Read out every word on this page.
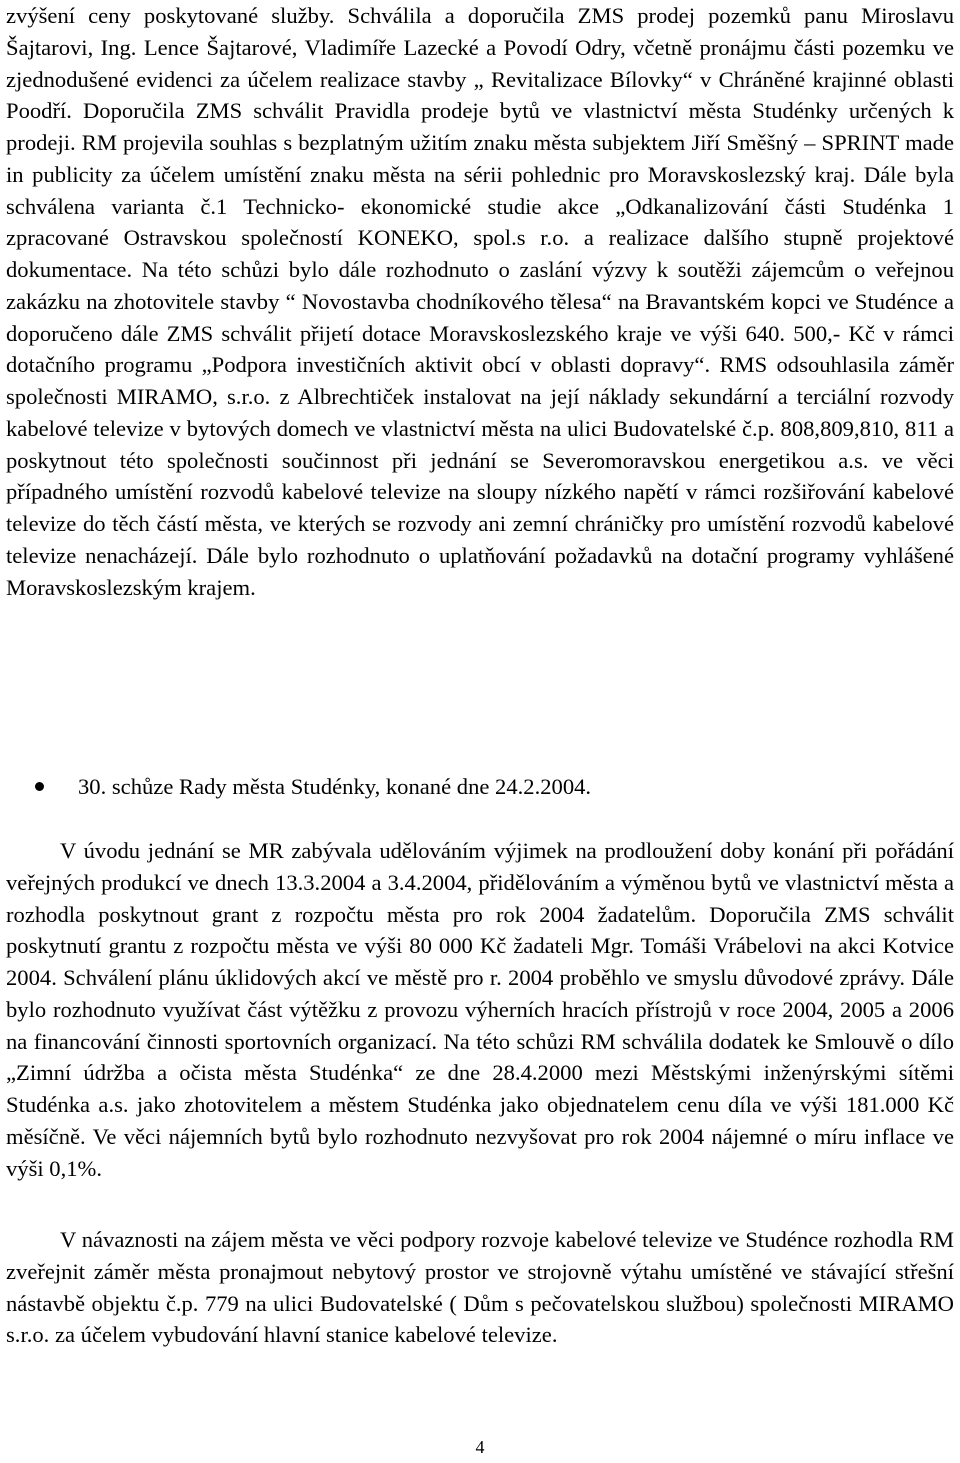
zvýšení ceny poskytované služby. Schválila a doporučila ZMS prodej pozemků panu Miroslavu Šajtarovi, Ing. Lence Šajtarové, Vladimíře Lazecké a Povodí Odry, včetně pronájmu části pozemku ve zjednodušené evidenci za účelem realizace stavby „ Revitalizace Bílovky“ v Chráněné krajinné oblasti Poodří. Doporučila ZMS schválit Pravidla prodeje bytů ve vlastnictví města Studénky určených k prodeji. RM projevila souhlas s bezplatným užitím znaku města subjektem Jiří Směšný – SPRINT made in publicity za účelem umístění znaku města na sérii pohlednic pro Moravskoslezský kraj. Dále byla schválena varianta č.1 Technicko- ekonomické studie akce „Odkanalizování části Studénka 1 zpracované Ostravskou společností KONEKO, spol.s r.o. a realizace dalšího stupně projektové dokumentace. Na této schůzi bylo dále rozhodnuto o zaslání výzvy k soutěži zájemcům o veřejnou zakázku na zhotovitele stavby “ Novostavba chodníkového tělesa“ na Bravantském kopci ve Studénce a doporučeno dále ZMS schválit přijetí dotace Moravskoslezského kraje ve výši 640. 500,- Kč v rámci dotačního programu „Podpora investičních aktivit obcí v oblasti dopravy“. RMS odsouhlasila záměr společnosti MIRAMO, s.r.o. z Albrechtiček instalovat na její náklady sekundární a terciální rozvody kabelové televize v bytových domech ve vlastnictví města na ulici Budovatelské č.p. 808,809,810, 811 a poskytnout této společnosti součinnost při jednání se Severomoravskou energetikou a.s. ve věci případného umístění rozvodů kabelové televize na sloupy nízkého napětí v rámci rozšiřování kabelové televize do těch částí města, ve kterých se rozvody ani zemní chráničky pro umístění rozvodů kabelové televize nenacházejí. Dále bylo rozhodnuto o uplatňování požadavků na dotační programy vyhlášené Moravskoslezským krajem.

30. schůze Rady města Studénky, konané dne 24.2.2004.

V úvodu jednání se MR zabývala udělováním výjimek na prodloužení doby konání při pořádání veřejných produkcí ve dnech 13.3.2004 a 3.4.2004, přidělováním a výměnou bytů ve vlastnictví města a rozhodla poskytnout grant z rozpočtu města pro rok 2004 žadatelům. Doporučila ZMS schválit poskytnutí grantu z rozpočtu města ve výši 80 000 Kč žadateli Mgr. Tomáši Vrábelovi na akci Kotvice 2004. Schválení plánu úklidových akcí ve městě pro r. 2004 proběhlo ve smyslu důvodové zprávy. Dále bylo rozhodnuto využívat část výtěžku z provozu výherních hracích přístrojů v roce 2004, 2005 a 2006 na financování činnosti sportovních organizací. Na této schůzi RM schválila dodatek ke Smlouvě o dílo „Zimní údržba a očista města Studénka“ ze dne 28.4.2000 mezi Městskými inženýrskými sítěmi Studénka a.s. jako zhotovitelem a městem Studénka jako objednatelem cenu díla ve výši 181.000 Kč měsíčně. Ve věci nájemních bytů bylo rozhodnuto nezvyšovat pro rok 2004 nájemné o míru inflace ve výši 0,1%.

V návaznosti na zájem města ve věci podpory rozvoje kabelové televize ve Studénce rozhodla RM zveřejnit záměr města pronajmout nebytový prostor ve strojovně výtahu umístěné ve stávající střešní nástavbě objektu č.p. 779 na ulici Budovatelské ( Dům s pečovatelskou službou) společnosti MIRAMO s.r.o. za účelem vybudování hlavní stanice kabelové televize.

4
